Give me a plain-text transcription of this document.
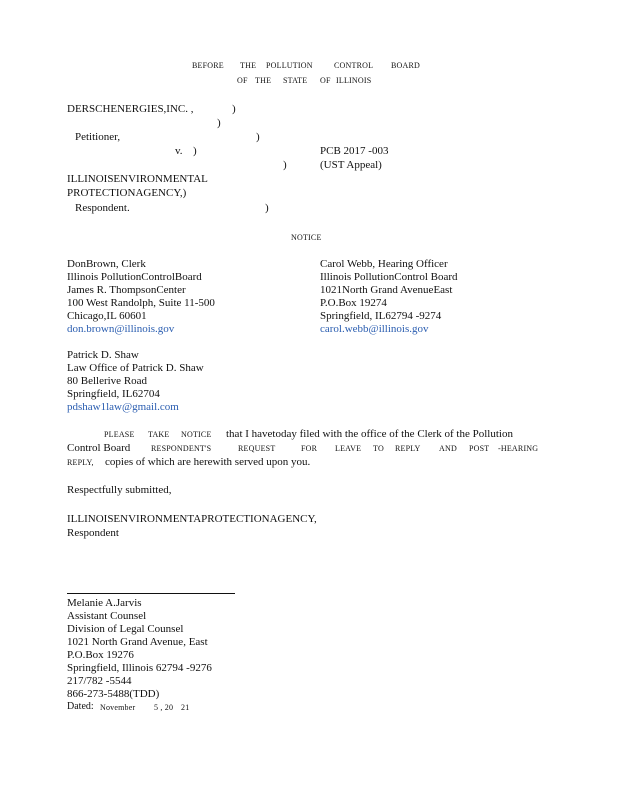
BEFORE THE POLLUTION	CONTROL BOARD
OF THE STATE OF ILLINOIS
DERSCHENERGIES,INC. ,	)
)
Petitioner,	)
v. )	PCB 2017 -003
)	(UST Appeal)
ILLINOISENVIRONMENTAL
PROTECTIONAGENCY,)
Respondent.	)
NOTICE
DonBrown, Clerk
Illinois PollutionControlBoard
James R. ThompsonCenter
100 West Randolph, Suite 11-500
Chicago,IL 60601
don.brown@illinois.gov
Carol Webb, Hearing Officer
Illinois PollutionControl Board
1021North Grand AvenueEast
P.O.Box 19274
Springfield, IL62794 -9274
carol.webb@illinois.gov
Patrick D. Shaw
Law Office of Patrick D. Shaw
80 Bellerive Road
Springfield, IL62704
pdshaw1law@gmail.com
PLEASE TAKE NOTICE that I havetoday filed with the office of the Clerk of the Pollution
Control Board	RESPONDENT'S	REQUEST	FOR LEAVE TO REPLY AND POST -HEARING
REPLY, copies of which are herewith served upon you.
Respectfully submitted,
ILLINOISENVIRONMENTAPROTECTIONAGENCY,
Respondent
Melanie A.Jarvis
Assistant Counsel
Division of Legal Counsel
1021 North Grand Avenue, East
P.O.Box 19276
Springfield, Illinois 62794 -9276
217/782 -5544
866-273-5488(TDD)
Dated: November 5 , 20 21
